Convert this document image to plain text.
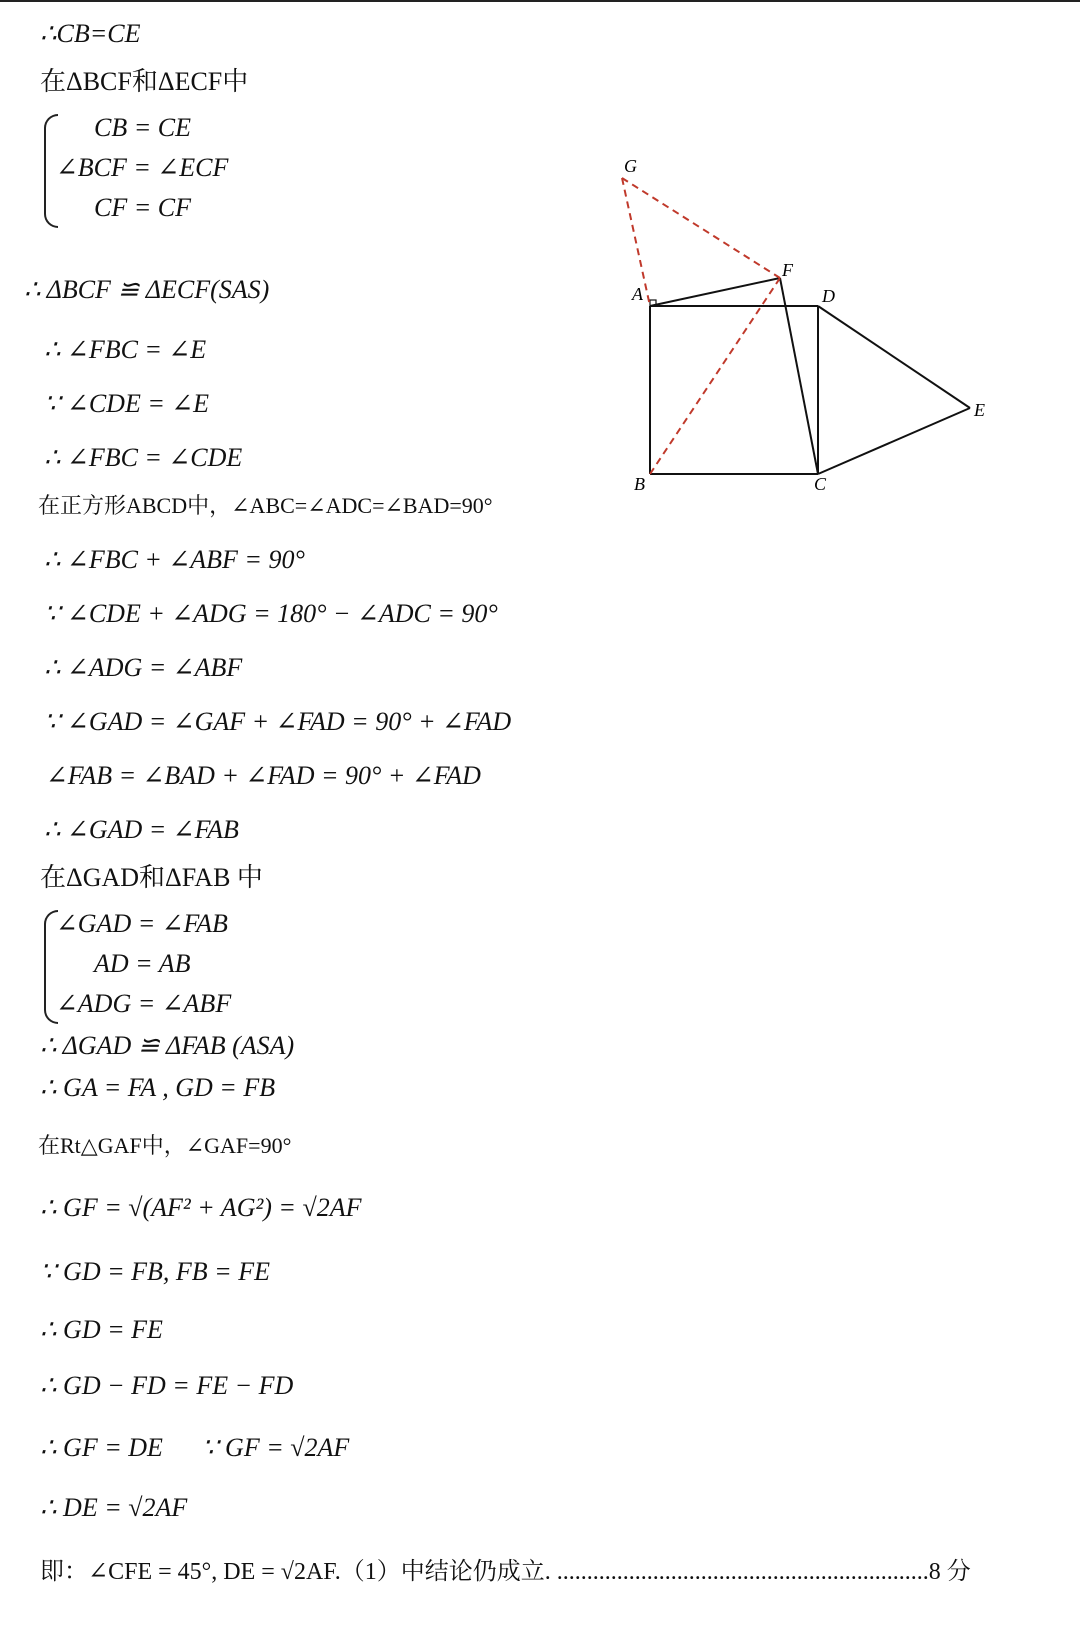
∴CB=CE
在ΔBCF和ΔECF中
CB = CE
∠BCF = ∠ECF
CF = CF
∴ ΔBCF ≌ ΔECF(SAS)
∴ ∠FBC = ∠E
∵ ∠CDE = ∠E
∴ ∠FBC = ∠CDE
在正方形ABCD中，∠ABC=∠ADC=∠BAD=90°
∴ ∠FBC + ∠ABF = 90°
∵ ∠CDE + ∠ADG = 180° − ∠ADC = 90°
∴ ∠ADG = ∠ABF
∵ ∠GAD = ∠GAF + ∠FAD = 90° + ∠FAD
∠FAB = ∠BAD + ∠FAD = 90° + ∠FAD
∴ ∠GAD = ∠FAB
在ΔGAD和ΔFAB 中
∠GAD = ∠FAB
AD = AB
∠ADG = ∠ABF
∴ ΔGAD ≌ ΔFAB (ASA)
∴ GA = FA , GD = FB
在Rt△GAF中，∠GAF=90°
∴ GF = √(AF² + AG²) = √2AF
∵ GD = FB, FB = FE
∴ GD = FE
∴ GD − FD = FE − FD
∴ GF = DE ∵ GF = √2AF
∴ DE = √2AF
即：∠CFE = 45°, DE = √2AF.（1）中结论仍成立. ..............................................................8 分
G
A
F
D
E
B	C
